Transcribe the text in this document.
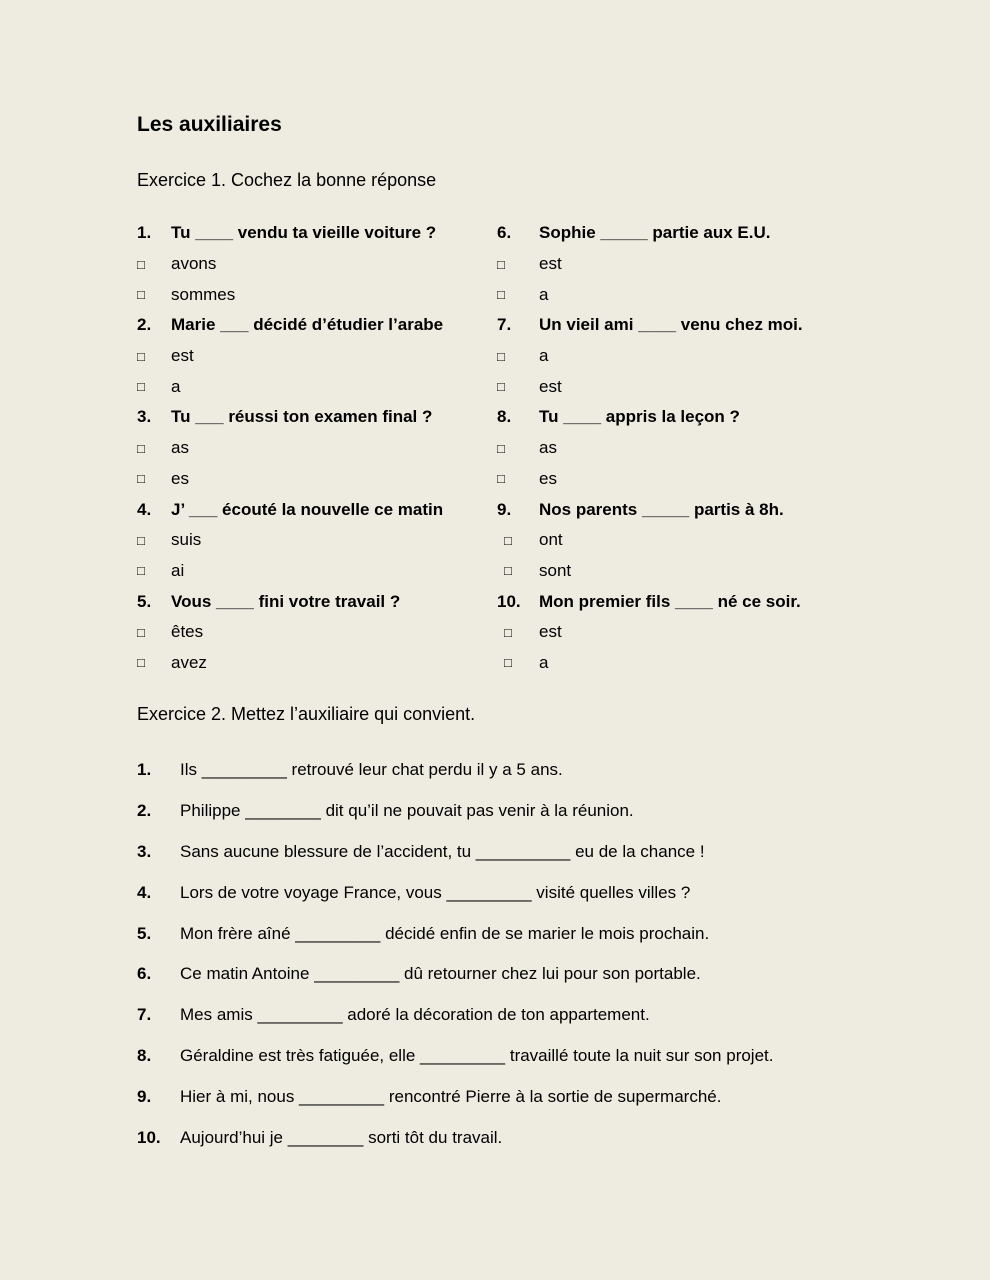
Les auxiliaires
Exercice 1. Cochez la bonne réponse
1.	Tu ____ vendu ta vieille voiture ?
□	avons
□	sommes
2.	Marie ___ décidé d’étudier l’arabe
□	est
□	a
3.	Tu ___ réussi ton examen final ?
□	as
□	es
4.	J’ ___ écouté la nouvelle ce matin
□	suis
□	ai
5.	Vous ____ fini votre travail ?
□	êtes
□	avez
6.	Sophie _____ partie aux E.U.
□	est
□	a
7.	Un vieil ami ____ venu chez moi.
□	a
□	est
8.	Tu ____ appris la leçon ?
□	as
□	es
9.	Nos parents _____ partis à 8h.
□	ont
□	sont
10.	Mon premier fils ____ né ce soir.
□	est
□	a
Exercice 2. Mettez l’auxiliaire qui convient.
1.	Ils _________ retrouvé leur chat perdu il y a 5 ans.
2.	Philippe ________ dit qu’il ne pouvait pas venir à la réunion.
3.	Sans aucune blessure de l’accident, tu __________ eu de la chance !
4.	Lors de votre voyage France, vous _________ visité quelles villes ?
5.	Mon frère aîné _________ décidé enfin de se marier le mois prochain.
6.	Ce matin Antoine _________ dû retourner chez lui pour son portable.
7.	Mes amis _________ adoré la décoration de ton appartement.
8.	Géraldine est très fatiguée, elle _________ travaillé toute la nuit sur son projet.
9.	Hier à mi, nous _________ rencontré Pierre à la sortie de supermarché.
10.	Aujourd’hui je ________ sorti tôt du travail.
